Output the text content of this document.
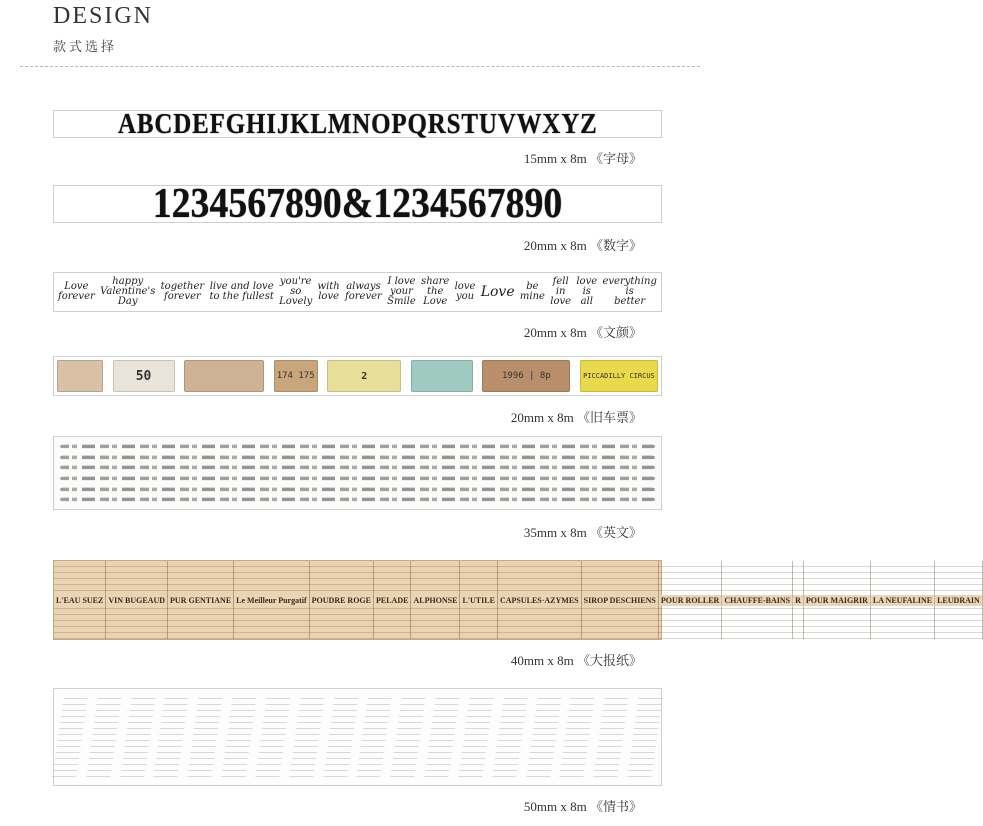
DESIGN
款式选择
ABCDEFGHIJKLMNOPQRSTUVWXYZ
15mm x 8m 《字母》
1234567890&1234567890
20mm x 8m 《数字》
Love
forever
happy
Valentine's
Day
together
forever
live and love
to the fullest
you're
so
Lovely
with
love
always
forever
I love
your
Smile
share
the
Love
love
you Love	be
mine
fell
in
love
love
is
all
everything
is
better
20mm x 8m 《文颜》
50	174 175	2	1996 | 8p	PICCADILLY CIRCUS
20mm x 8m 《旧车票》
35mm x 8m 《英文》
L'EAU SUEZ VIN BUGEAUD PUR GENTIANE Le Meilleur Purgatif POUDRE ROGE PELADE ALPHONSE L'UTILE CAPSULES·AZYMES SIROP DESCHIENS POUR ROLLER CHAUFFE-BAINS R POUR MAIGRIR LA NEUFALINE LEUDRAIN
40mm x 8m 《大报纸》
50mm x 8m 《情书》
